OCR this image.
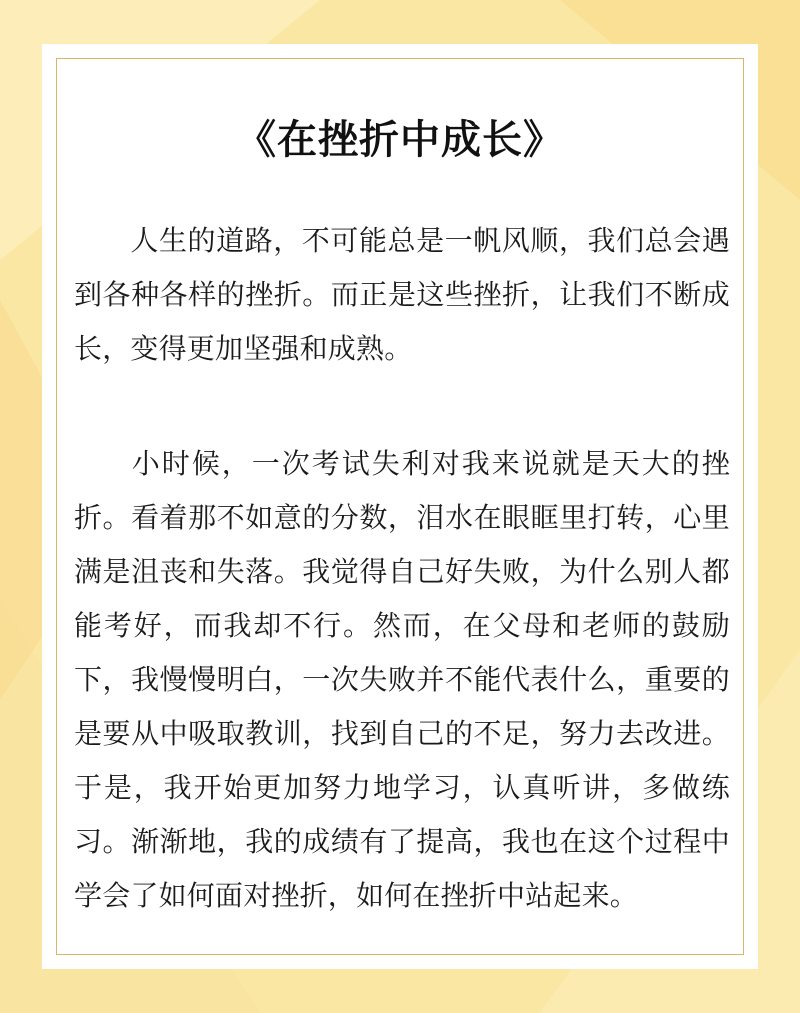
《在挫折中成长》

人生的道路，不可能总是一帆风顺，我们总会遇到各种各样的挫折。而正是这些挫折，让我们不断成长，变得更加坚强和成熟。

小时候，一次考试失利对我来说就是天大的挫折。看着那不如意的分数，泪水在眼眶里打转，心里满是沮丧和失落。我觉得自己好失败，为什么别人都能考好，而我却不行。然而，在父母和老师的鼓励下，我慢慢明白，一次失败并不能代表什么，重要的是要从中吸取教训，找到自己的不足，努力去改进。于是，我开始更加努力地学习，认真听讲，多做练习。渐渐地，我的成绩有了提高，我也在这个过程中学会了如何面对挫折，如何在挫折中站起来。
